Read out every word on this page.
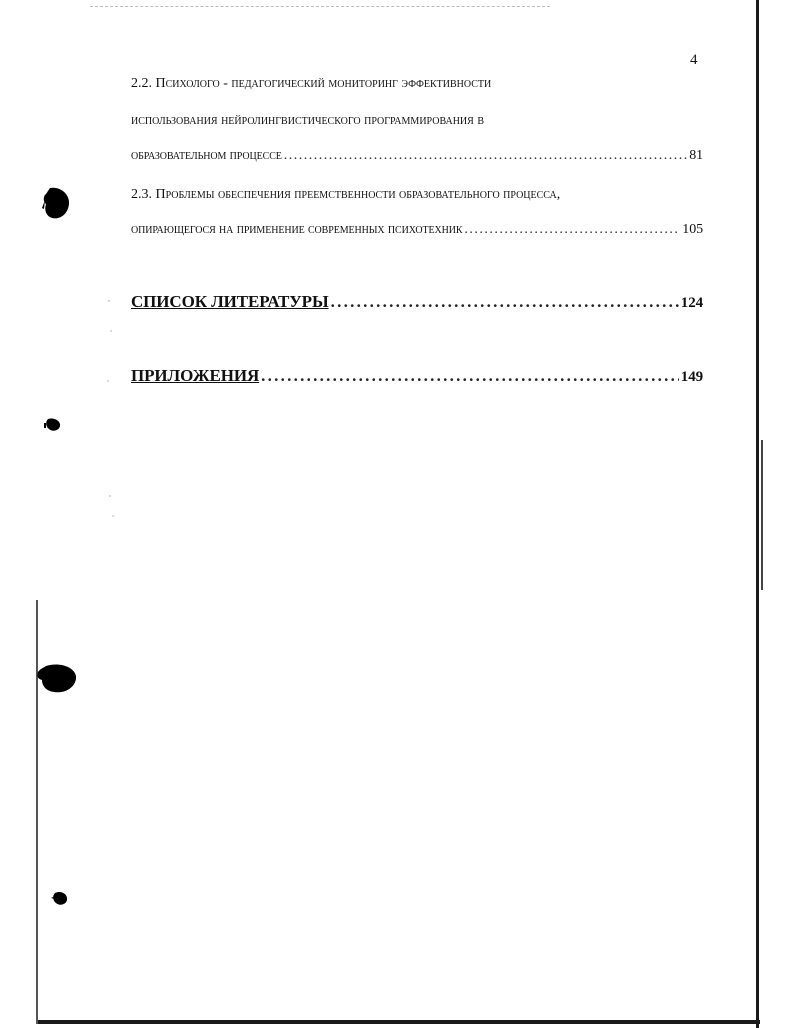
4
2.2. Психолого - педагогический мониторинг эффективности
использования нейролингвистического программирования в
образовательном процессе . . .	81
2.3. Проблемы обеспечения преемственности образовательного процесса,
опирающегося на применение современных психотехник . . .	105
СПИСОК ЛИТЕРАТУРЫ . . .	124
ПРИЛОЖЕНИЯ . . .	149
